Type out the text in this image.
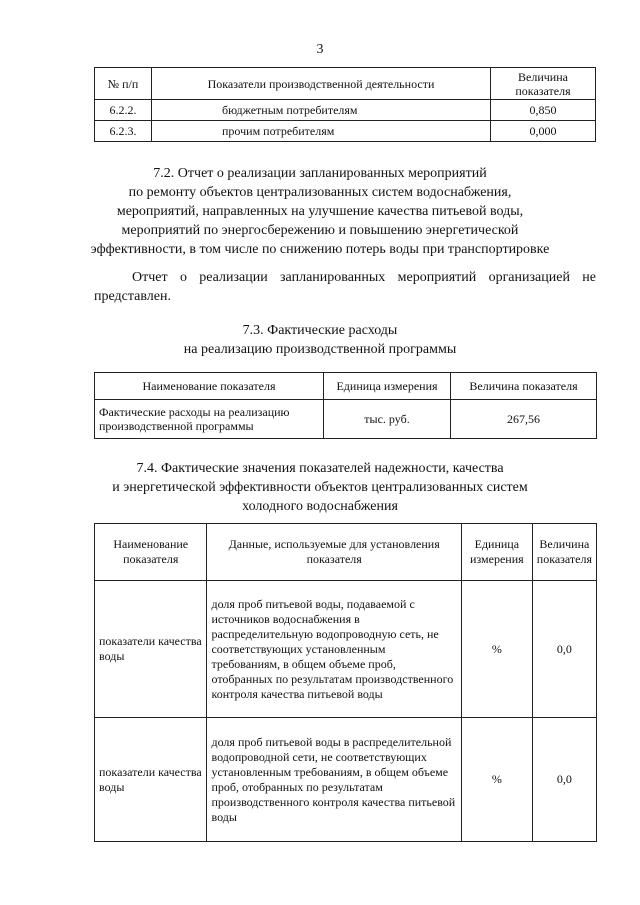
3
№ п/п	Показатели производственной деятельности	Величина показателя
6.2.2.	бюджетным потребителям	0,850
6.2.3.	прочим потребителям	0,000
7.2. Отчет о реализации запланированных мероприятий
по ремонту объектов централизованных систем водоснабжения,
мероприятий, направленных на улучшение качества питьевой воды,
мероприятий по энергосбережению и повышению энергетической
эффективности, в том числе по снижению потерь воды при транспортировке
Отчет о реализации запланированных мероприятий организацией не представлен.
7.3. Фактические расходы
на реализацию производственной программы
Наименование показателя	Единица измерения	Величина показателя
Фактические расходы на реализацию производственной программы	тыс. руб.	267,56
7.4. Фактические значения показателей надежности, качества
и энергетической эффективности объектов централизованных систем
холодного водоснабжения
Наименование показателя	Данные, используемые для установления показателя	Единица измерения	Величина показателя
показатели качества воды	доля проб питьевой воды, подаваемой с источников водоснабжения в распределительную водопроводную сеть, не соответствующих установленным требованиям, в общем объеме проб, отобранных по результатам производственного контроля качества питьевой воды	%	0,0
показатели качества воды	доля проб питьевой воды в распределительной водопроводной сети, не соответствующих установленным требованиям, в общем объеме проб, отобранных по результатам производственного контроля качества питьевой воды	%	0,0
